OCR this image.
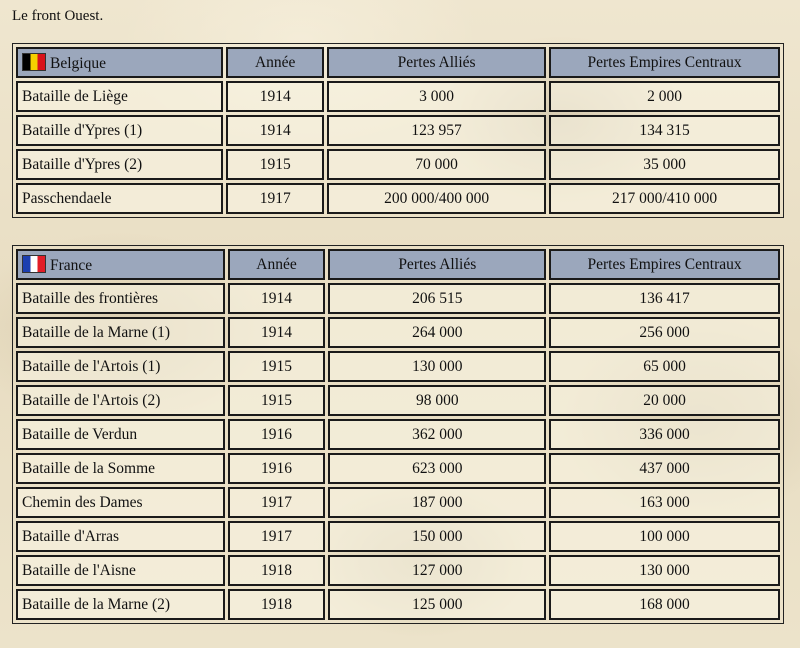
Le front Ouest.
Belgique	Année	Pertes Alliés	Pertes Empires Centraux
Bataille de Liège	1914	3 000	2 000
Bataille d'Ypres (1)	1914	123 957	134 315
Bataille d'Ypres (2)	1915	70 000	35 000
Passchendaele	1917	200 000/400 000	217 000/410 000
France	Année	Pertes Alliés	Pertes Empires Centraux
Bataille des frontières	1914	206 515	136 417
Bataille de la Marne (1)	1914	264 000	256 000
Bataille de l'Artois (1)	1915	130 000	65 000
Bataille de l'Artois (2)	1915	98 000	20 000
Bataille de Verdun	1916	362 000	336 000
Bataille de la Somme	1916	623 000	437 000
Chemin des Dames	1917	187 000	163 000
Bataille d'Arras	1917	150 000	100 000
Bataille de l'Aisne	1918	127 000	130 000
Bataille de la Marne (2)	1918	125 000	168 000
